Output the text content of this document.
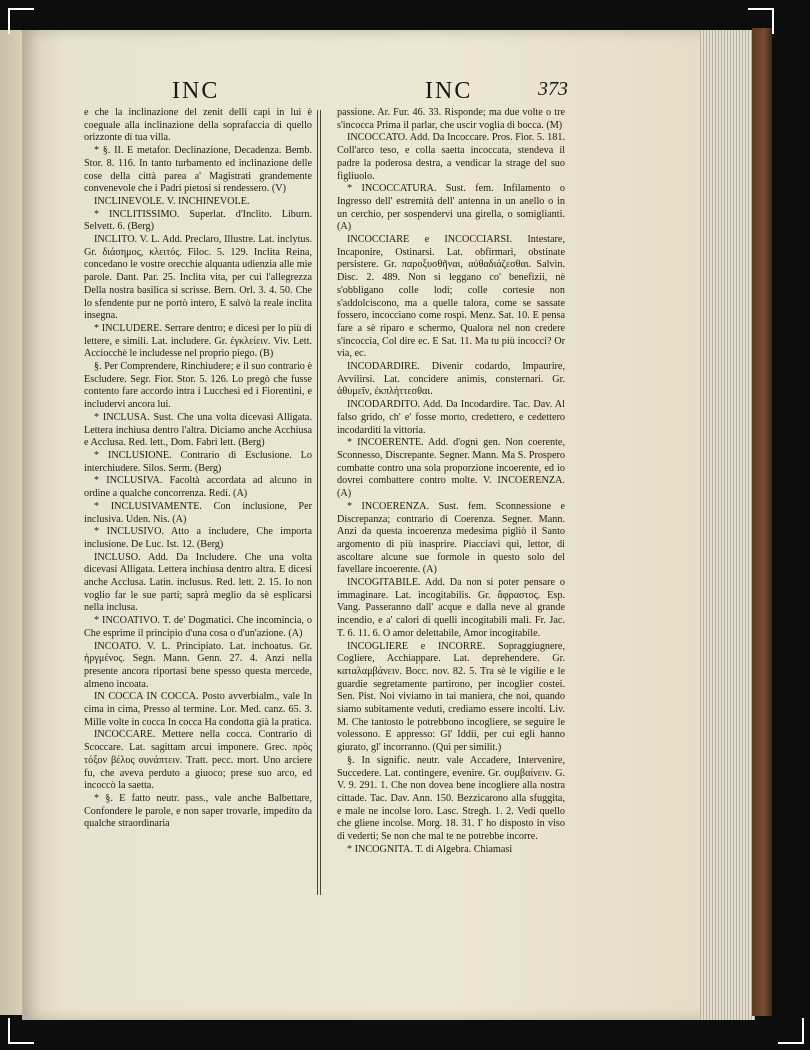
INC	INC	373

e che la inclinazione del zenit delli capi in lui è coeguale alla inclinazione della soprafaccia di quello orizzonte di tua villa.

* §. II. E metafor. Declinazione, Decadenza. Bemb. Stor. 8. 116. In tanto turbamento ed inclinazione delle cose della città parea a' Magistrati grandemente convenevole che i Padri pietosi si rendessero. (V)

INCLINEVOLE. V. INCHINEVOLE.

* INCLITISSIMO. Superlat. d'Inclito. Liburn. Selvett. 6. (Berg)

INCLITO. V. L. Add. Preclaro, Illustre. Lat. inclytus. Gr. διάσημος, κλειτός. Filoc. 5. 129. Inclita Reina, concedano le vostre orecchie alquanta udienzia alle mie parole. Dant. Par. 25. Inclita vita, per cui l'allegrezza Della nostra basilica si scrisse. Bern. Orl. 3. 4. 50. Che lo sfendente pur ne portò intero, E salvò la reale inclita insegna.

* INCLUDERE. Serrare dentro; e dicesi per lo più di lettere, e simili. Lat. includere. Gr. ἐγκλείειν. Viv. Lett. Acciocchè le includesse nel proprio piego. (B)

§. Per Comprendere, Rinchiudere; e il suo contrario è Escludere. Segr. Fior. Stor. 5. 126. Lo pregò che fusse contento fare accordo intra i Lucchesi ed i Fiorentini, e includervi ancora lui.

* INCLUSA. Sust. Che una volta dicevasi Alligata. Lettera inchiusa dentro l'altra. Diciamo anche Acchiusa e Acclusa. Red. lett., Dom. Fabri lett. (Berg)

* INCLUSIONE. Contrario di Esclusione. Lo interchiudere. Silos. Serm. (Berg)

* INCLUSIVA. Facoltà accordata ad alcuno in ordine a qualche concorrenza. Redi. (A)

* INCLUSIVAMENTE. Con inclusione, Per inclusiva. Uden. Nis. (A)

* INCLUSIVO. Atto a includere, Che importa inclusione. De Luc. Ist. 12. (Berg)

INCLUSO. Add. Da Includere. Che una volta dicevasi Alligata. Lettera inchiusa dentro altra. E dicesi anche Acclusa. Latin. inclusus. Red. lett. 2. 15. Io non voglio far le sue parti; saprà meglio da sè esplicarsi nella inclusa.

* INCOATIVO. T. de' Dogmatici. Che incomincia, o Che esprime il principio d'una cosa o d'un'azione. (A)

INCOATO. V. L. Principiato. Lat. inchoatus. Gr. ἠργμένος. Segn. Mann. Genn. 27. 4. Anzi nella presente ancora riportasi bene spesso questa mercede, almeno incoata.

IN COCCA IN COCCA. Posto avverbialm., vale In cima in cima, Presso al termine. Lor. Med. canz. 65. 3. Mille volte in cocca In cocca Ha condotta già la pratica.

INCOCCARE. Mettere nella cocca. Contrario di Scoccare. Lat. sagittam arcui imponere. Grec. πρὸς τόξον βέλος συνάπτειν. Tratt. pecc. mort. Uno arciere fu, che aveva perduto a giuoco; prese suo arco, ed incoccò la saetta.

* §. E fatto neutr. pass., vale anche Balbettare, Confondere le parole, e non saper trovarle, impedito da qualche straordinaria

passione. Ar. Fur. 46. 33. Risponde; ma due volte o tre s'incocca Prima il parlar, che uscir voglia di bocca. (M)

INCOCCATO. Add. Da Incoccare. Pros. Fior. 5. 181. Coll'arco teso, e colla saetta incoccata, stendeva il padre la poderosa destra, a vendicar la strage del suo figliuolo.

* INCOCCATURA. Sust. fem. Infilamento o Ingresso dell' estremità dell' antenna in un anello o in un cerchio, per sospendervi una girella, o somiglianti. (A)

INCOCCIARE e INCOCCIARSI. Intestare, Incaponire, Ostinarsi. Lat. obfirmari, obstinate persistere. Gr. παροξυσθῆναι, αὐθαδιάζεσθαι. Salvin. Disc. 2. 489. Non si leggano co' benefizii, nè s'obbligano colle lodi; colle cortesie non s'addolciscono, ma a quelle talora, come se sassate fossero, incocciano come rospi. Menz. Sat. 10. E pensa fare a sè riparo e schermo, Qualora nel non credere s'incoccia, Col dire ec. E Sat. 11. Ma tu più incocci? Or via, ec.

INCODARDIRE. Divenir codardo, Impaurire, Avvilirsi. Lat. concidere animis, consternari. Gr. ἀθυμεῖν, ἐκπλήττεσθαι.

INCODARDITO. Add. Da Incodardire. Tac. Dav. Al falso grido, ch' e' fosse morto, credettero, e cedettero incodarditi la vittoria.

* INCOERENTE. Add. d'ogni gen. Non coerente, Sconnesso, Discrepante. Segner. Mann. Ma S. Prospero combatte contro una sola proporzione incoerente, ed io dovrei combattere contro molte. V. INCOERENZA. (A)

* INCOERENZA. Sust. fem. Sconnessione e Discrepanza; contrario di Coerenza. Segner. Mann. Anzi da questa incoerenza medesima pigliò il Santo argomento di più inasprire. Piacciavi qui, lettor, di ascoltare alcune sue formole in questo solo del favellare incoerente. (A)

INCOGITABILE. Add. Da non si poter pensare o immaginare. Lat. incogitabilis. Gr. ἄφραστος. Esp. Vang. Passeranno dall' acque e dalla neve al grande incendio, e a' calori di quelli incogitabili mali. Fr. Jac. T. 6. 11. 6. O amor delettabile, Amor incogitabile.

INCOGLIERE e INCORRE. Sopraggiugnere, Cogliere, Acchiappare. Lat. deprehendere. Gr. καταλαμβάνειν. Bocc. nov. 82. 5. Tra sè le vigilie e le guardie segretamente partirono, per incoglier costei. Sen. Pist. Noi viviamo in tai maniera, che noi, quando siamo subitamente veduti, crediamo essere incolti. Liv. M. Che tantosto le potrebbono incogliere, se seguire le volessono. E appresso: Gl' Iddii, per cui egli hanno giurato, gl' incorranno. (Qui per similit.)

§. In signific. neutr. vale Accadere, Intervenire, Succedere. Lat. contingere, evenire. Gr. συμβαίνειν. G. V. 9. 291. 1. Che non dovea bene incogliere alla nostra cittade. Tac. Dav. Ann. 150. Bezzicarono alla sfuggita, e male ne incolse loro. Lasc. Stregh. 1. 2. Vedi quello che gliene incolse. Morg. 18. 31. I' ho disposto in viso di vederti; Se non che mal te ne potrebbe incorre.

* INCOGNITA. T. di Algebra. Chiamasi
